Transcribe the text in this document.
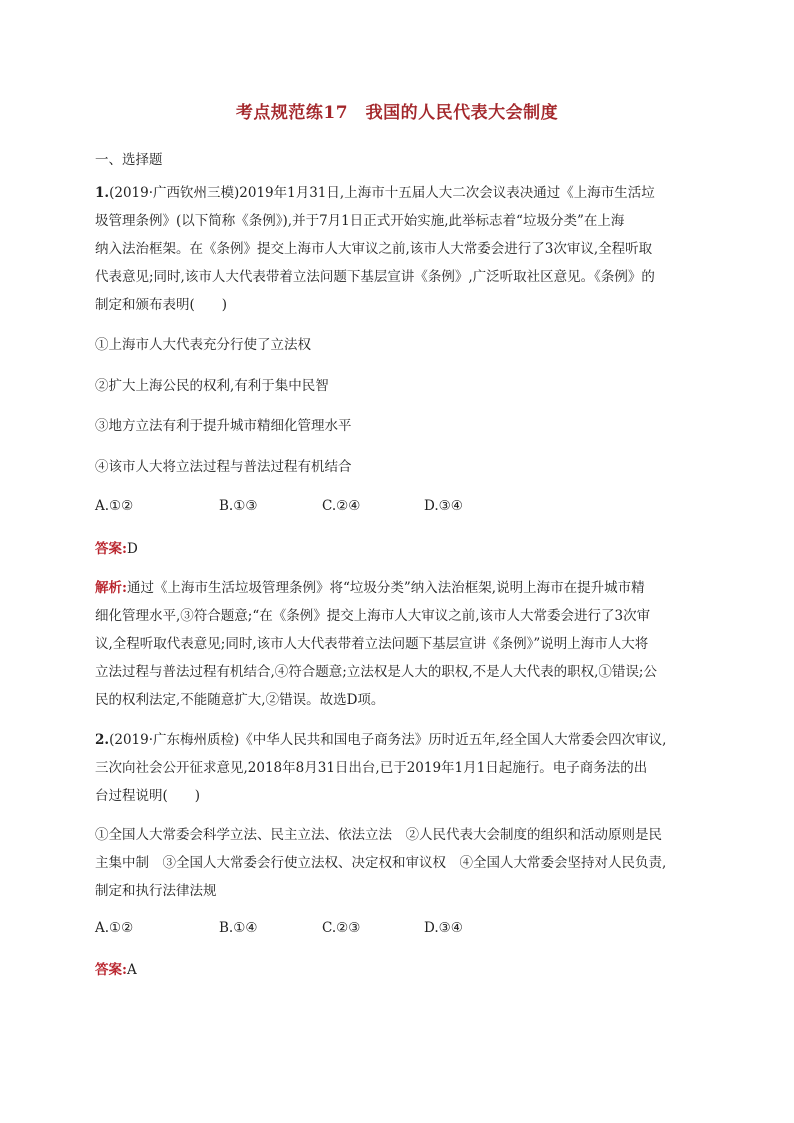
考点规范练17　我国的人民代表大会制度
一、选择题
1.(2019·广西钦州三模)2019年1月31日,上海市十五届人大二次会议表决通过《上海市生活垃
圾管理条例》(以下简称《条例》),并于7月1日正式开始实施,此举标志着“垃圾分类”在上海
纳入法治框架。在《条例》提交上海市人大审议之前,该市人大常委会进行了3次审议,全程听取
代表意见;同时,该市人大代表带着立法问题下基层宣讲《条例》,广泛听取社区意见。《条例》的
制定和颁布表明(　　)
①上海市人大代表充分行使了立法权
②扩大上海公民的权利,有利于集中民智
③地方立法有利于提升城市精细化管理水平
④该市人大将立法过程与普法过程有机结合
A.①②	B.①③	C.②④	D.③④
答案:D
解析:通过《上海市生活垃圾管理条例》将“垃圾分类”纳入法治框架,说明上海市在提升城市精
细化管理水平,③符合题意;“在《条例》提交上海市人大审议之前,该市人大常委会进行了3次审
议,全程听取代表意见;同时,该市人大代表带着立法问题下基层宣讲《条例》”说明上海市人大将
立法过程与普法过程有机结合,④符合题意;立法权是人大的职权,不是人大代表的职权,①错误;公
民的权利法定,不能随意扩大,②错误。故选D项。
2.(2019·广东梅州质检)《中华人民共和国电子商务法》历时近五年,经全国人大常委会四次审议,
三次向社会公开征求意见,2018年8月31日出台,已于2019年1月1日起施行。电子商务法的出
台过程说明(　　)
①全国人大常委会科学立法、民主立法、依法立法　②人民代表大会制度的组织和活动原则是民
主集中制　③全国人大常委会行使立法权、决定权和审议权　④全国人大常委会坚持对人民负责,
制定和执行法律法规
A.①②	B.①④	C.②③	D.③④
答案:A
